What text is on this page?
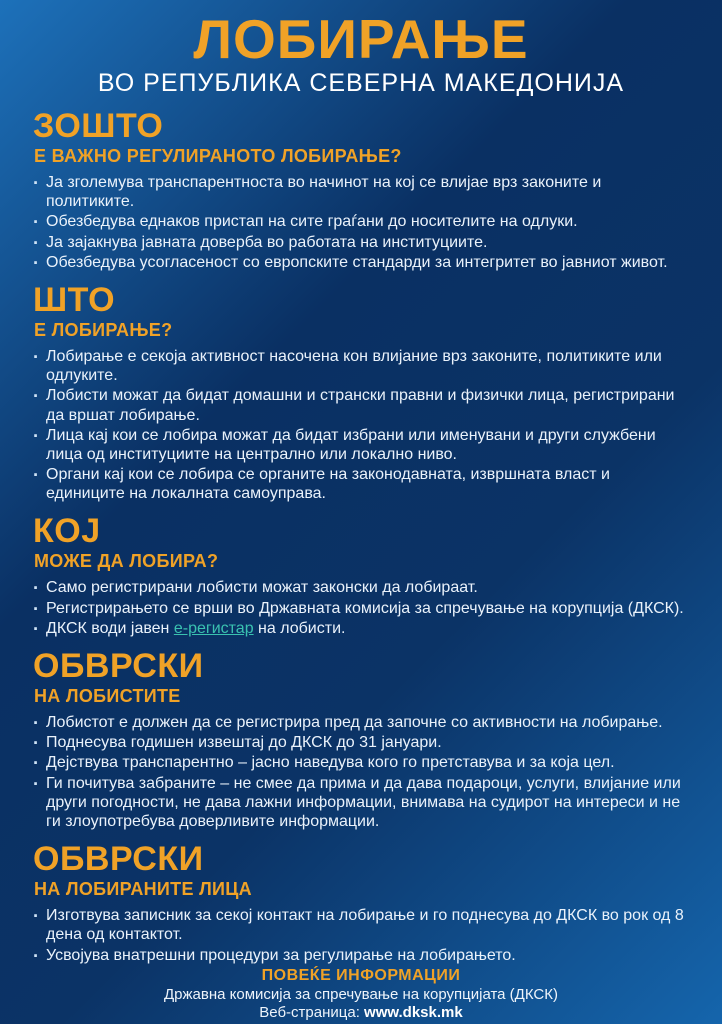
ЛОБИРАЊЕ
ВО РЕПУБЛИКА СЕВЕРНА МАКЕДОНИЈА
ЗОШТО
Е ВАЖНО РЕГУЛИРАНОТО ЛОБИРАЊЕ?
· Ја зголемува транспарентноста во начинот на кој се влијае врз законите и политиките.
· Обезбедува еднаков пристап на сите граѓани до носителите на одлуки.
· Ја зајакнува јавната доверба во работата на институциите.
· Обезбедува усогласеност со европските стандарди за интегритет во јавниот живот.
ШТО
Е ЛОБИРАЊЕ?
· Лобирање е секоја активност насочена кон влијание врз законите, политиките или одлуките.
· Лобисти можат да бидат домашни и странски правни и физички лица, регистрирани да вршат лобирање.
· Лица кај кои се лобира можат да бидат избрани или именувани и други службени лица од институциите на централно или локално ниво.
· Органи кај кои се лобира се органите на законодавната, извршната власт и единиците на локалната самоуправа.
КОЈ
МОЖЕ ДА ЛОБИРА?
· Само регистрирани лобисти можат законски да лобираат.
· Регистрирањето се врши во Државната комисија за спречување на корупција (ДКСК).
· ДКСК води јавен е-регистар на лобисти.
ОБВРСКИ
НА ЛОБИСТИТЕ
· Лобистот е должен да се регистрира пред да започне со активности на лобирање.
· Поднесува годишен извештај до ДКСК до 31 јануари.
· Дејствува транспарентно – јасно наведува кого го претставува и за која цел.
· Ги почитува забраните – не смее да прима и да дава подароци, услуги, влијание или други погодности, не дава лажни информации, внимава на судирот на интереси и не ги злоупотребува доверливите информации.
ОБВРСКИ
НА ЛОБИРАНИТЕ ЛИЦА
· Изготвува записник за секој контакт на лобирање и го поднесува до ДКСК во рок од 8 дена од контактот.
· Усвојува внатрешни процедури за регулирање на лобирањето.
ПОВЕЌЕ ИНФОРМАЦИИ
Државна комисија за спречување на корупцијата (ДКСК)
Веб-страница: www.dksk.mk
